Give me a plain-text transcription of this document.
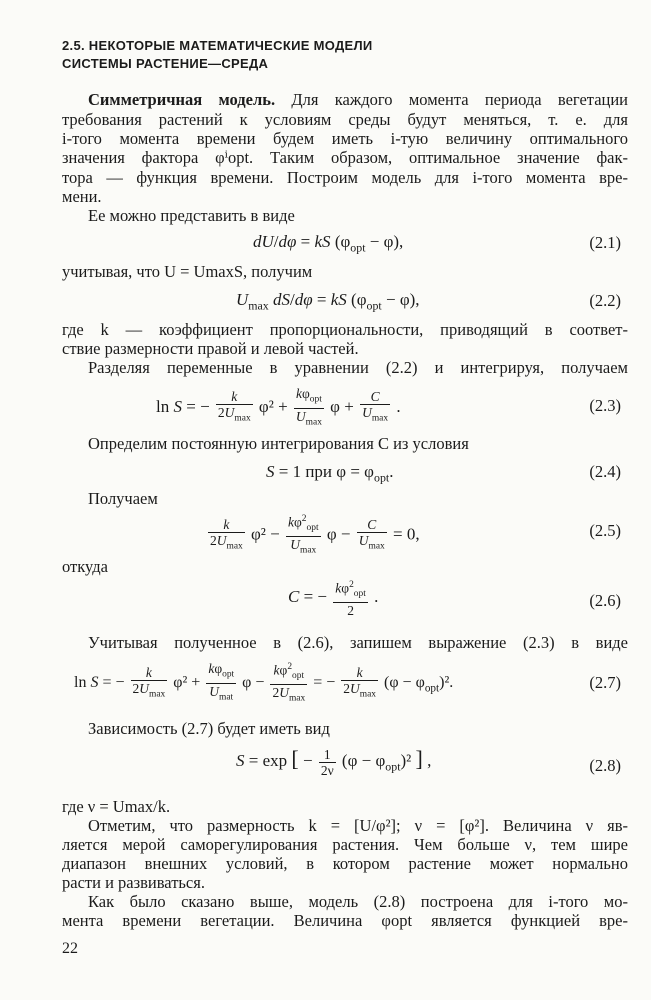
2.5. НЕКОТОРЫЕ МАТЕМАТИЧЕСКИЕ МОДЕЛИ
СИСТЕМЫ РАСТЕНИЕ—СРЕДА
Симметричная модель. Для каждого момента периода вегетации
требования растений к условиям среды будут меняться, т. е. для
i-того момента времени будем иметь i-тую величину оптимального
значения фактора φⁱopt. Таким образом, оптимальное значение фак-
тора — функция времени. Построим модель для i-того момента вре-
мени.
Ее можно представить в виде
dU/dφ = kS $(\varphi_{opt} - \varphi)$,	(2.1)
учитывая, что U = UmaxS, получим
$U_{max}$ dS/dφ = kS $(\varphi_{opt} - \varphi)$,	(2.2)
где k — коэффициент пропорциональности, приводящий в соответ-
ствие размерности правой и левой частей.
Разделяя переменные в уравнении (2.2) и интегрируя, получаем
ln S = − $\frac{k}{2U_{max}} \varphi^2 + \frac{k\varphi_{opt}}{U_{max}}$ $\varphi + \frac{C}{U_{max}}$ .	(2.3)
Определим постоянную интегрирования C из условия
S = 1 при $\varphi = \varphi_{opt}$.	(2.4)
Получаем
$\frac{k}{2U_{max}} \varphi^2 - \frac{k\varphi^2_{opt}}{U_{max}}$ $\varphi - \frac{C}{U_{max}} = 0$,	(2.5)
откуда
C = − $\frac{k\varphi^2_{opt}}{2}$ .	(2.6)
Учитывая полученное в (2.6), запишем выражение (2.3) в виде
ln S = − $\frac{k}{2U_{max}} \varphi^2 + \frac{k\varphi_{opt}}{U_{mat}}$ $\varphi - \frac{k\varphi^2_{opt}}{2U_{max}}$ = − $\frac{k}{2U_{max}} (\varphi - \varphi_{opt})^2$.	(2.7)
Зависимость (2.7) будет иметь вид
S = exp [ − $\frac{1}{2\nu} (\varphi - \varphi_{opt})^2$ ] ,	(2.8)
где ν = Umax/k.
Отметим, что размерность k = [U/φ²]; ν = [φ²]. Величина ν яв-
ляется мерой саморегулирования растения. Чем больше ν, тем шире
диапазон внешних условий, в котором растение может нормально
расти и развиваться.
Как было сказано выше, модель (2.8) построена для i-того мо-
мента времени вегетации. Величина φopt является функцией вре-
22
